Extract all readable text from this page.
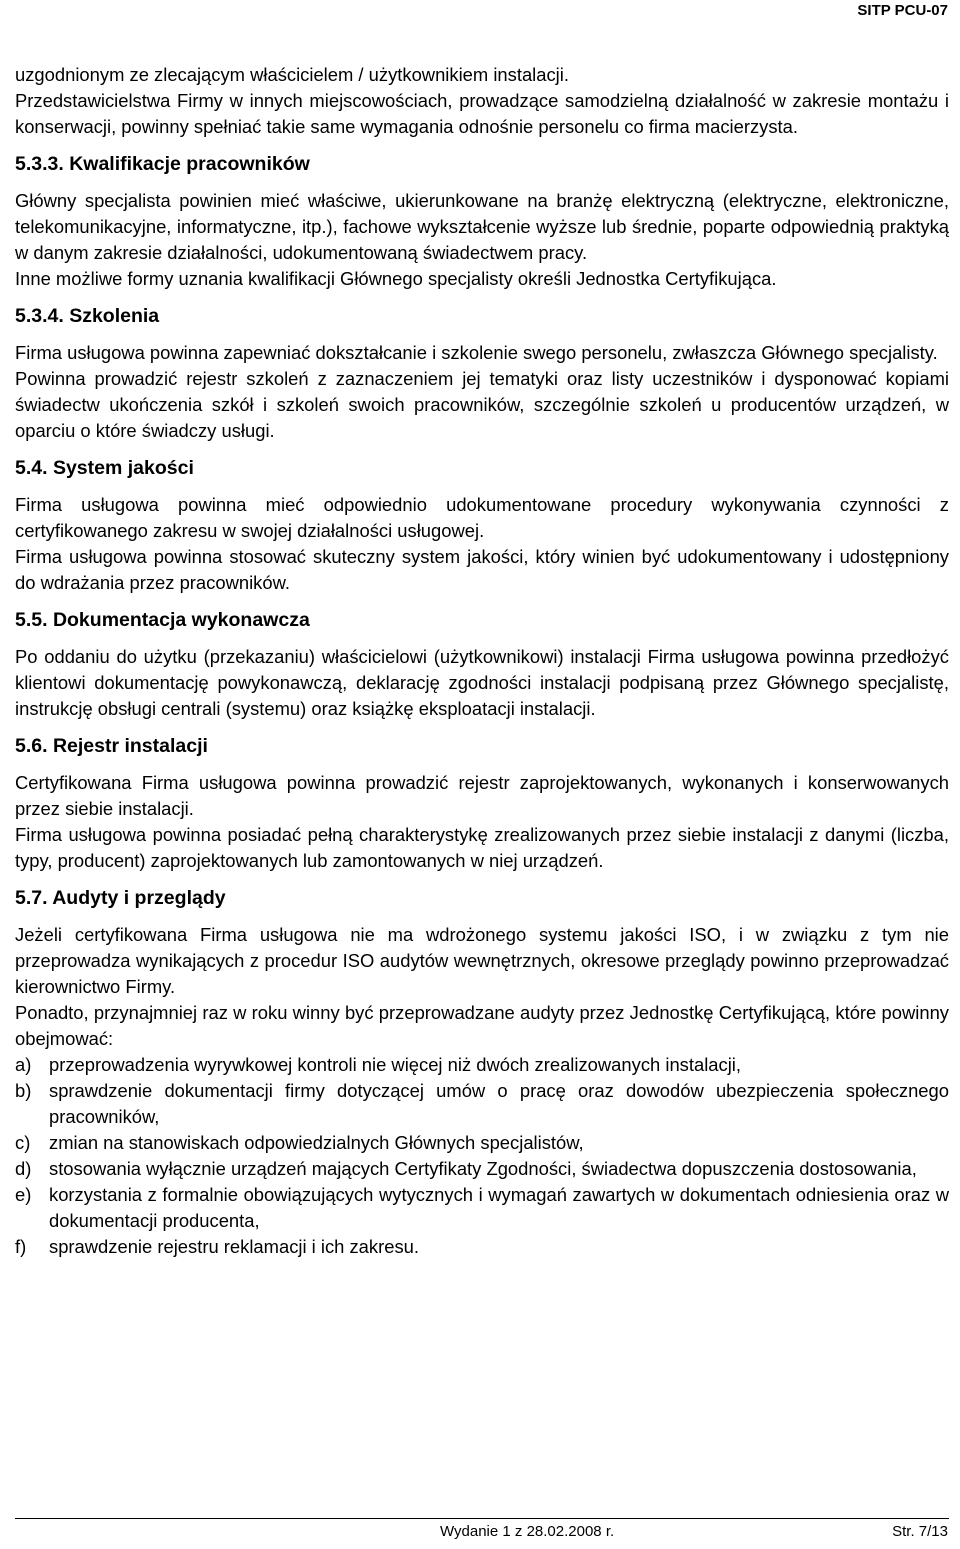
SITP PCU-07

uzgodnionym ze zlecającym właścicielem / użytkownikiem instalacji.

Przedstawicielstwa Firmy w innych miejscowościach, prowadzące samodzielną działalność w zakresie montażu i konserwacji, powinny spełniać takie same wymagania odnośnie personelu co firma macierzysta.

5.3.3. Kwalifikacje pracowników

Główny specjalista powinien mieć właściwe, ukierunkowane na branżę elektryczną (elektryczne, elektroniczne, telekomunikacyjne, informatyczne, itp.), fachowe wykształcenie wyższe lub średnie, poparte odpowiednią praktyką w danym zakresie działalności, udokumentowaną świadectwem pracy.

Inne możliwe formy uznania kwalifikacji Głównego specjalisty określi Jednostka Certyfikująca.

5.3.4. Szkolenia

Firma usługowa powinna zapewniać dokształcanie i szkolenie swego personelu, zwłaszcza Głównego specjalisty.

Powinna prowadzić rejestr szkoleń z zaznaczeniem jej tematyki oraz listy uczestników i dysponować kopiami świadectw ukończenia szkół i szkoleń swoich pracowników, szczególnie szkoleń u producentów urządzeń, w oparciu o które świadczy usługi.

5.4. System jakości

Firma usługowa powinna mieć odpowiednio udokumentowane procedury wykonywania czynności z certyfikowanego zakresu w swojej działalności usługowej.

Firma usługowa powinna stosować skuteczny system jakości, który winien być udokumentowany i udostępniony do wdrażania przez pracowników.

5.5. Dokumentacja wykonawcza

Po oddaniu do użytku (przekazaniu) właścicielowi (użytkownikowi) instalacji Firma usługowa powinna przedłożyć klientowi dokumentację powykonawczą, deklarację zgodności instalacji podpisaną przez Głównego specjalistę, instrukcję obsługi centrali (systemu) oraz książkę eksploatacji instalacji.

5.6. Rejestr instalacji

Certyfikowana Firma usługowa powinna prowadzić rejestr zaprojektowanych, wykonanych i konserwowanych przez siebie instalacji.

Firma usługowa powinna posiadać pełną charakterystykę zrealizowanych przez siebie instalacji z danymi (liczba, typy, producent) zaprojektowanych lub zamontowanych w niej urządzeń.

5.7. Audyty i przeglądy

Jeżeli certyfikowana Firma usługowa nie ma wdrożonego systemu jakości ISO, i w związku z tym nie przeprowadza wynikających z procedur ISO audytów wewnętrznych, okresowe przeglądy powinno przeprowadzać kierownictwo Firmy.

Ponadto, przynajmniej raz w roku winny być przeprowadzane audyty przez Jednostkę Certyfikującą, które powinny obejmować:

a) przeprowadzenia wyrywkowej kontroli nie więcej niż dwóch zrealizowanych instalacji,
b) sprawdzenie dokumentacji firmy dotyczącej umów o pracę oraz dowodów ubezpieczenia społecznego pracowników,
c)	zmian na stanowiskach odpowiedzialnych Głównych specjalistów,
d) stosowania wyłącznie urządzeń mających Certyfikaty Zgodności, świadectwa dopuszczenia dostosowania,
e) korzystania z formalnie obowiązujących wytycznych i wymagań zawartych w dokumentach odniesienia oraz w dokumentacji producenta,
f)	sprawdzenie rejestru reklamacji i ich zakresu.
Wydanie 1 z 28.02.2008 r.	Str. 7/13
